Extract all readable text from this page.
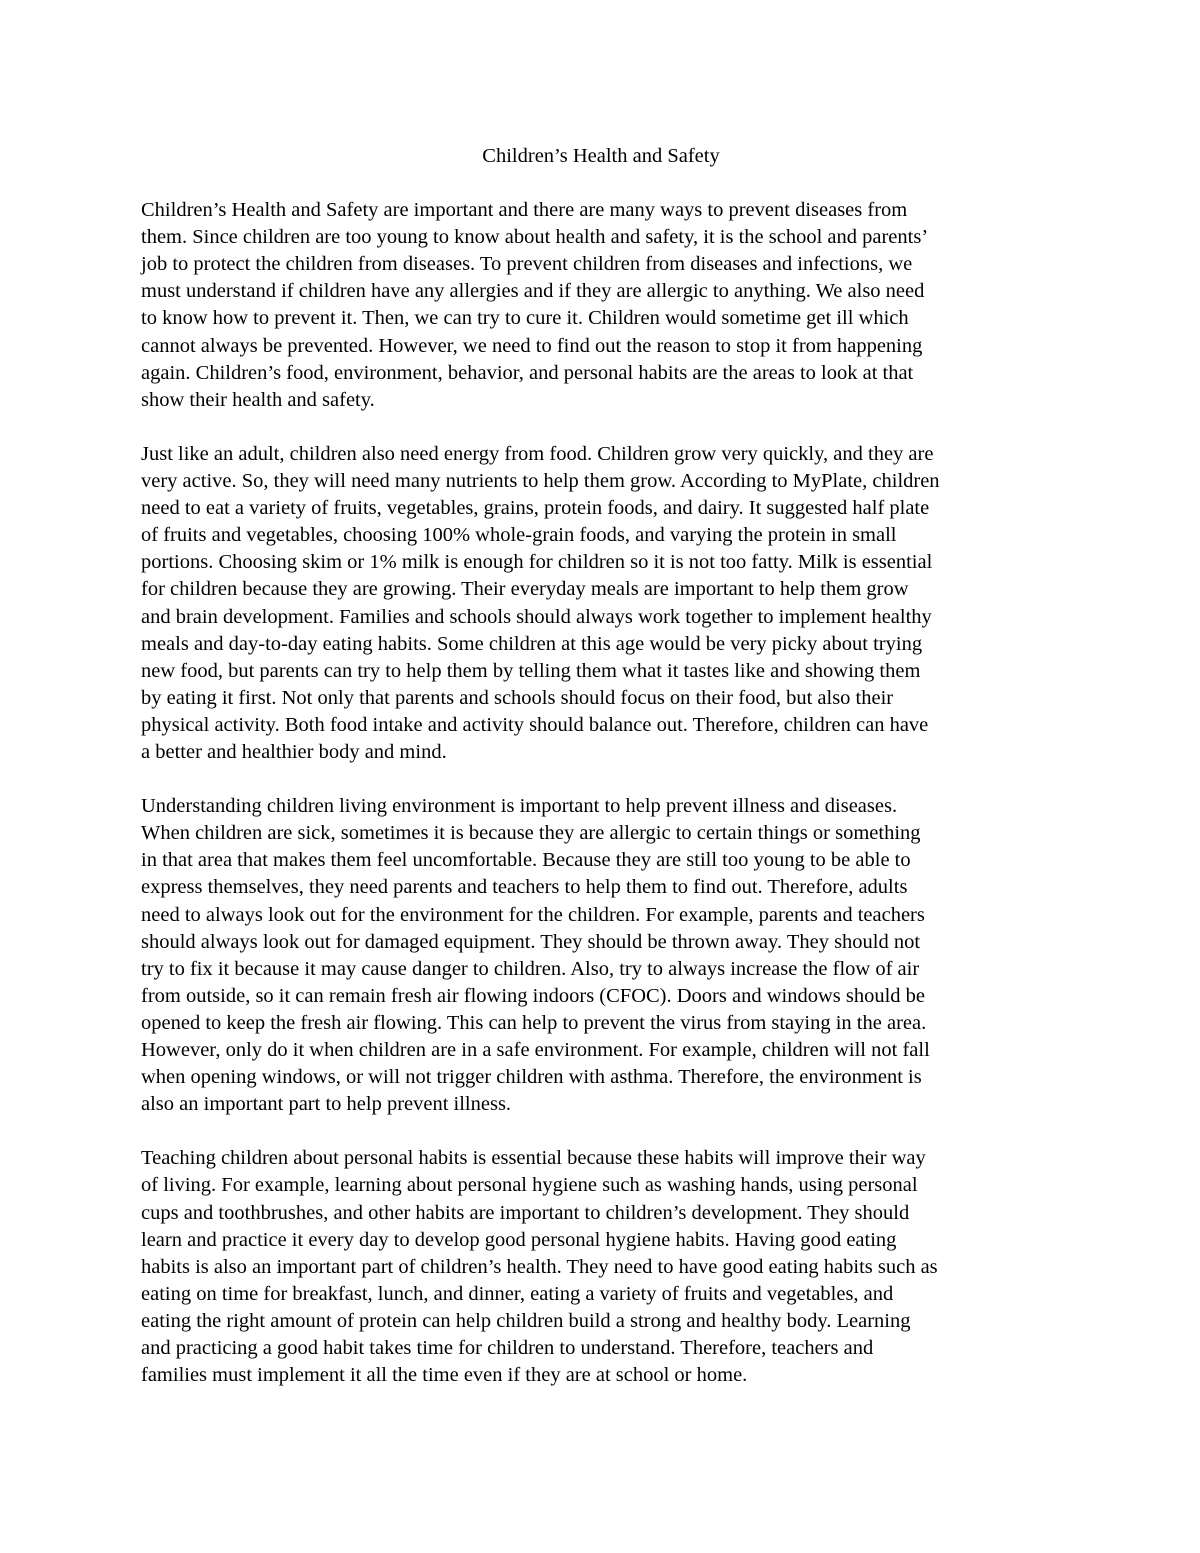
Children’s Health and Safety
Children’s Health and Safety are important and there are many ways to prevent diseases from
them. Since children are too young to know about health and safety, it is the school and parents’
job to protect the children from diseases. To prevent children from diseases and infections, we
must understand if children have any allergies and if they are allergic to anything. We also need
to know how to prevent it. Then, we can try to cure it. Children would sometime get ill which
cannot always be prevented. However, we need to find out the reason to stop it from happening
again. Children’s food, environment, behavior, and personal habits are the areas to look at that
show their health and safety.
Just like an adult, children also need energy from food. Children grow very quickly, and they are
very active. So, they will need many nutrients to help them grow. According to MyPlate, children
need to eat a variety of fruits, vegetables, grains, protein foods, and dairy. It suggested half plate
of fruits and vegetables, choosing 100% whole-grain foods, and varying the protein in small
portions. Choosing skim or 1% milk is enough for children so it is not too fatty. Milk is essential
for children because they are growing. Their everyday meals are important to help them grow
and brain development. Families and schools should always work together to implement healthy
meals and day-to-day eating habits. Some children at this age would be very picky about trying
new food, but parents can try to help them by telling them what it tastes like and showing them
by eating it first. Not only that parents and schools should focus on their food, but also their
physical activity. Both food intake and activity should balance out. Therefore, children can have
a better and healthier body and mind.
Understanding children living environment is important to help prevent illness and diseases.
When children are sick, sometimes it is because they are allergic to certain things or something
in that area that makes them feel uncomfortable. Because they are still too young to be able to
express themselves, they need parents and teachers to help them to find out. Therefore, adults
need to always look out for the environment for the children. For example, parents and teachers
should always look out for damaged equipment. They should be thrown away. They should not
try to fix it because it may cause danger to children. Also, try to always increase the flow of air
from outside, so it can remain fresh air flowing indoors (CFOC). Doors and windows should be
opened to keep the fresh air flowing. This can help to prevent the virus from staying in the area.
However, only do it when children are in a safe environment. For example, children will not fall
when opening windows, or will not trigger children with asthma. Therefore, the environment is
also an important part to help prevent illness.
Teaching children about personal habits is essential because these habits will improve their way
of living. For example, learning about personal hygiene such as washing hands, using personal
cups and toothbrushes, and other habits are important to children’s development. They should
learn and practice it every day to develop good personal hygiene habits. Having good eating
habits is also an important part of children’s health. They need to have good eating habits such as
eating on time for breakfast, lunch, and dinner, eating a variety of fruits and vegetables, and
eating the right amount of protein can help children build a strong and healthy body. Learning
and practicing a good habit takes time for children to understand. Therefore, teachers and
families must implement it all the time even if they are at school or home.
